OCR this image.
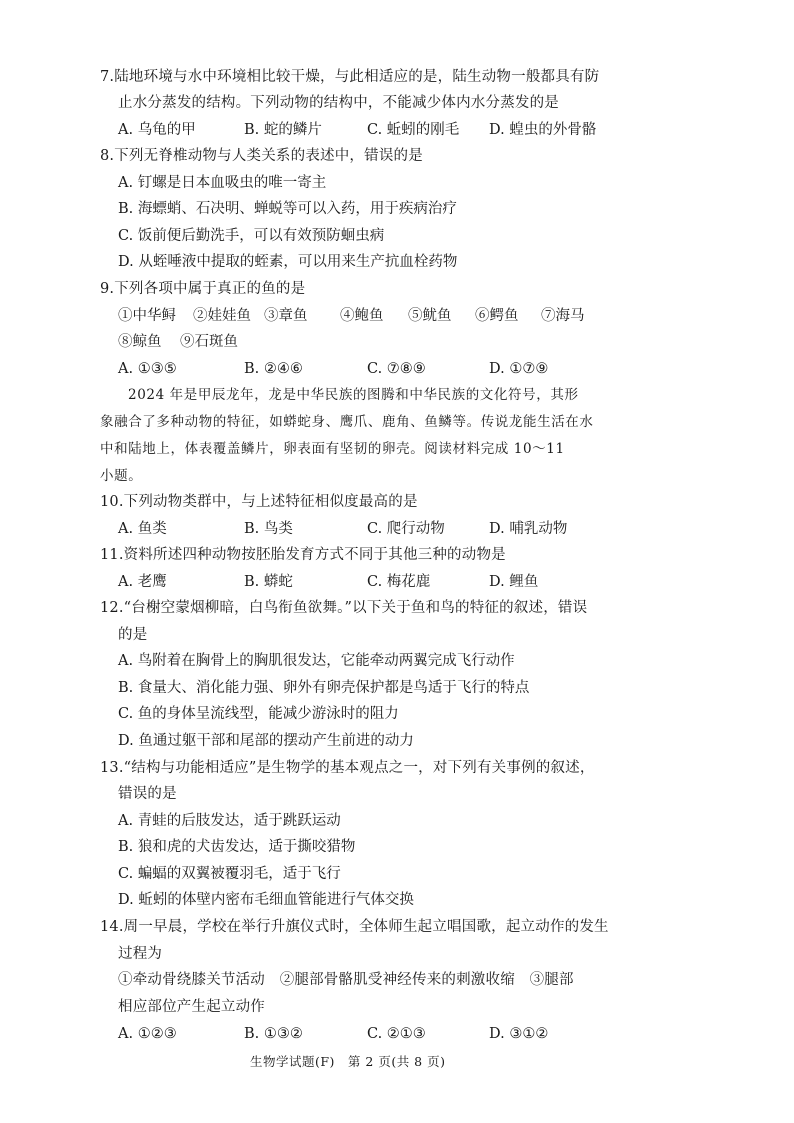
7.陆地环境与水中环境相比较干燥，与此相适应的是，陆生动物一般都具有防
止水分蒸发的结构。下列动物的结构中，不能减少体内水分蒸发的是
A. 乌龟的甲	B. 蛇的鳞片	C. 蚯蚓的刚毛 D. 蝗虫的外骨骼
8.下列无脊椎动物与人类关系的表述中，错误的是
A. 钉螺是日本血吸虫的唯一寄主
B. 海螵蛸、石决明、蝉蜕等可以入药，用于疾病治疗
C. 饭前便后勤洗手，可以有效预防蛔虫病
D. 从蛭唾液中提取的蛭素，可以用来生产抗血栓药物
9.下列各项中属于真正的鱼的是
①中华鲟 ②娃娃鱼 ③章鱼 ④鲍鱼 ⑤鱿鱼 ⑥鳄鱼 ⑦海马
⑧鲸鱼 ⑨石斑鱼
A. ①③⑤	B. ②④⑥	C. ⑦⑧⑨	D. ①⑦⑨
2024 年是甲辰龙年，龙是中华民族的图腾和中华民族的文化符号，其形
象融合了多种动物的特征，如蟒蛇身、鹰爪、鹿角、鱼鳞等。传说龙能生活在水
中和陆地上，体表覆盖鳞片，卵表面有坚韧的卵壳。阅读材料完成 10～11
小题。
10.下列动物类群中，与上述特征相似度最高的是
A. 鱼类	B. 鸟类	C. 爬行动物	D. 哺乳动物
11.资料所述四种动物按胚胎发育方式不同于其他三种的动物是
A. 老鹰	B. 蟒蛇	C. 梅花鹿	D. 鲤鱼
12.“台榭空蒙烟柳暗，白鸟衔鱼欲舞。”以下关于鱼和鸟的特征的叙述，错误
的是
A. 鸟附着在胸骨上的胸肌很发达，它能牵动两翼完成飞行动作
B. 食量大、消化能力强、卵外有卵壳保护都是鸟适于飞行的特点
C. 鱼的身体呈流线型，能减少游泳时的阻力
D. 鱼通过躯干部和尾部的摆动产生前进的动力
13.“结构与功能相适应”是生物学的基本观点之一，对下列有关事例的叙述，
错误的是
A. 青蛙的后肢发达，适于跳跃运动
B. 狼和虎的犬齿发达，适于撕咬猎物
C. 蝙蝠的双翼被覆羽毛，适于飞行
D. 蚯蚓的体壁内密布毛细血管能进行气体交换
14.周一早晨，学校在举行升旗仪式时，全体师生起立唱国歌，起立动作的发生
过程为
①牵动骨绕膝关节活动　②腿部骨骼肌受神经传来的刺激收缩　③腿部
相应部位产生起立动作
A. ①②③	B. ①③②	C. ②①③	D. ③①②
生物学试题(F)　第 2 页(共 8 页)
